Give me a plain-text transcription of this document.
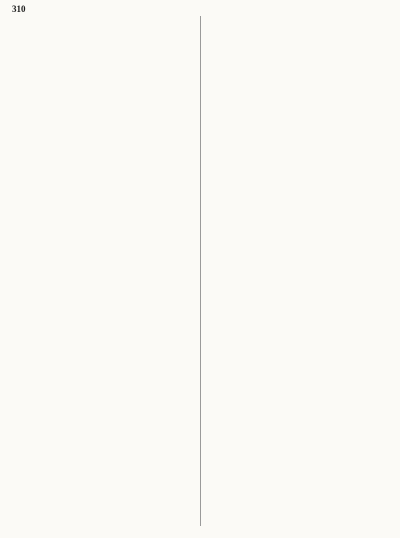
310
